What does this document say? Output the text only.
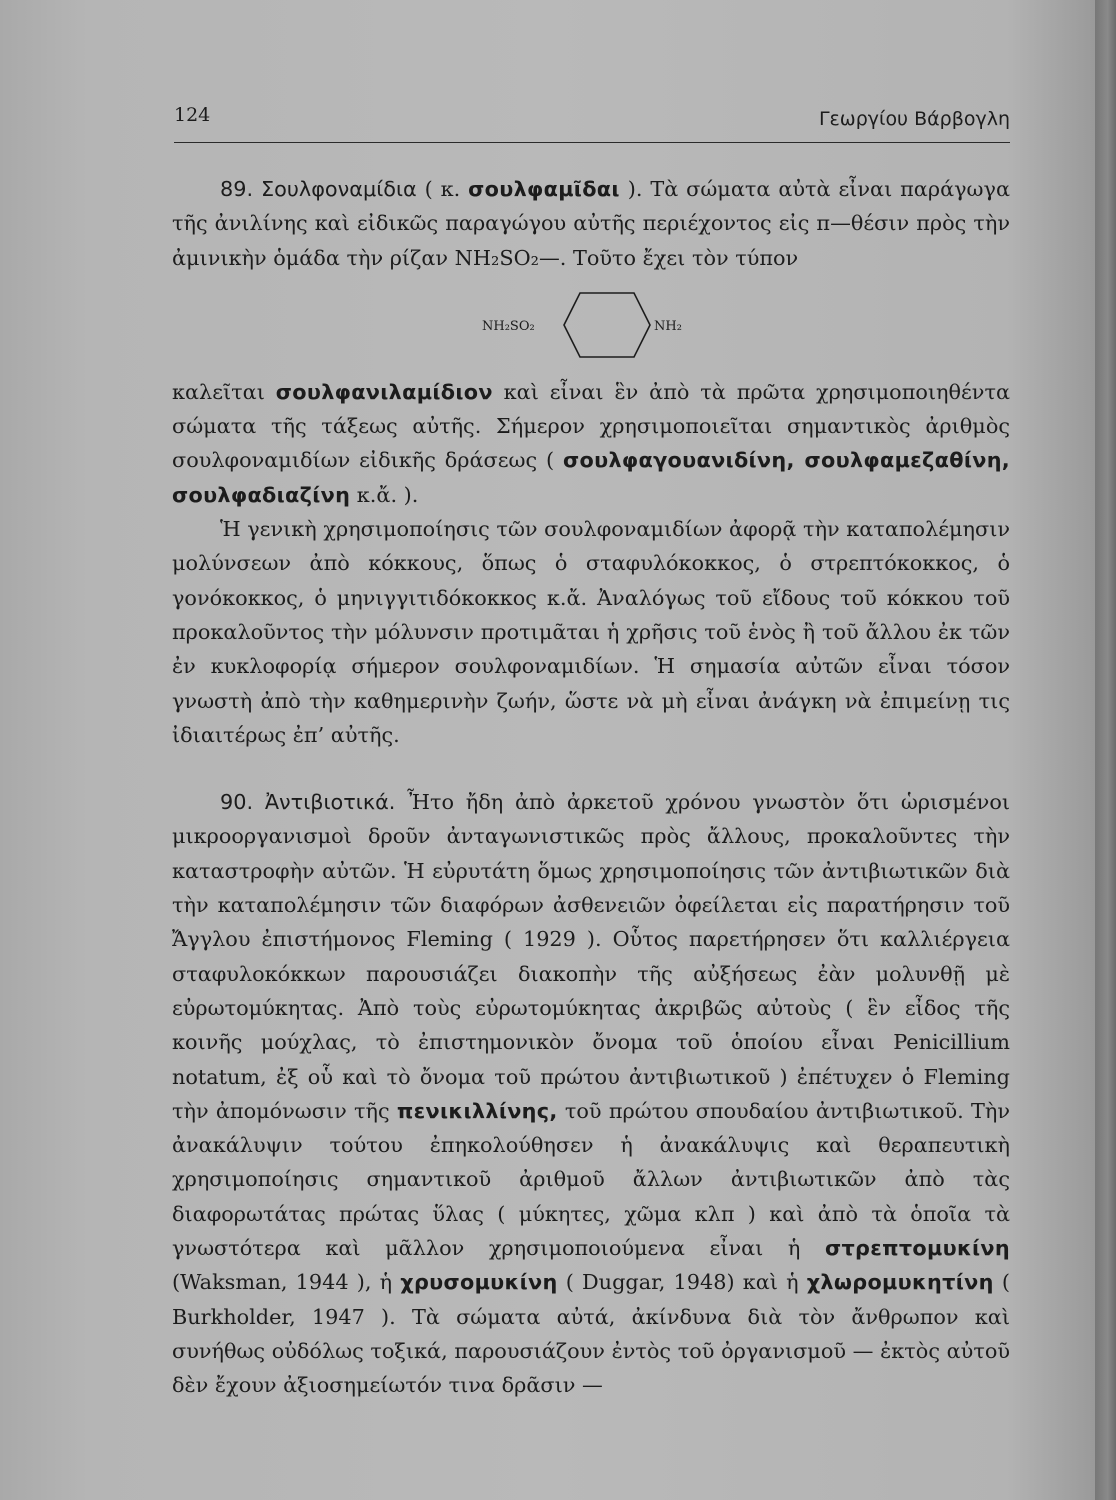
124	Γεωργίου Βάρβογλη

89. Σουλφοναμίδια ( κ. σουλφαμῖδαι ). Τὰ σώματα αὐτὰ εἶναι παράγωγα τῆς ἀνιλίνης καὶ εἰδικῶς παραγώγου αὐτῆς περιέχοντος εἰς π—θέσιν πρὸς τὴν ἀμινικὴν ὁμάδα τὴν ρίζαν NH₂SO₂—. Τοῦτο ἔχει τὸν τύπον

NH₂SO₂	NH₂

καλεῖται σουλφανιλαμίδιον καὶ εἶναι ἓν ἀπὸ τὰ πρῶτα χρησιμοποιηθέντα σώματα τῆς τάξεως αὐτῆς. Σήμερον χρησιμοποιεῖται σημαντικὸς ἀριθμὸς σουλφοναμιδίων εἰδικῆς δράσεως ( σουλφαγουανιδίνη, σουλφαμεζαθίνη, σουλφαδιαζίνη κ.ἄ. ).

Ἡ γενικὴ χρησιμοποίησις τῶν σουλφοναμιδίων ἀφορᾷ τὴν καταπολέμησιν μολύνσεων ἀπὸ κόκκους, ὅπως ὁ σταφυλόκοκκος, ὁ στρεπτόκοκκος, ὁ γονόκοκκος, ὁ μηνιγγιτιδόκοκκος κ.ἄ. Ἀναλόγως τοῦ εἴδους τοῦ κόκκου τοῦ προκαλοῦντος τὴν μόλυνσιν προτιμᾶται ἡ χρῆσις τοῦ ἑνὸς ἢ τοῦ ἄλλου ἐκ τῶν ἐν κυκλοφορίᾳ σήμερον σουλφοναμιδίων. Ἡ σημασία αὐτῶν εἶναι τόσον γνωστὴ ἀπὸ τὴν καθημερινὴν ζωήν, ὥστε νὰ μὴ εἶναι ἀνάγκη νὰ ἐπιμείνῃ τις ἰδιαιτέρως ἐπ’ αὐτῆς.

90. Ἀντιβιοτικά. Ἦτο ἤδη ἀπὸ ἀρκετοῦ χρόνου γνωστὸν ὅτι ὡρισμένοι μικροοργανισμοὶ δροῦν ἀνταγωνιστικῶς πρὸς ἄλλους, προκαλοῦντες τὴν καταστροφὴν αὐτῶν. Ἡ εὐρυτάτη ὅμως χρησιμοποίησις τῶν ἀντιβιωτικῶν διὰ τὴν καταπολέμησιν τῶν διαφόρων ἀσθενειῶν ὀφείλεται εἰς παρατήρησιν τοῦ Ἄγγλου ἐπιστήμονος Fleming ( 1929 ). Οὗτος παρετήρησεν ὅτι καλλιέργεια σταφυλοκόκκων παρουσιάζει διακοπὴν τῆς αὐξήσεως ἐὰν μολυνθῇ μὲ εὐρωτομύκητας. Ἀπὸ τοὺς εὐρωτομύκητας ἀκριβῶς αὐτοὺς ( ἓν εἶδος τῆς κοινῆς μούχλας, τὸ ἐπιστημονικὸν ὄνομα τοῦ ὁποίου εἶναι Penicillium notatum, ἐξ οὗ καὶ τὸ ὄνομα τοῦ πρώτου ἀντιβιωτικοῦ ) ἐπέτυχεν ὁ Fleming τὴν ἀπομόνωσιν τῆς πενικιλλίνης, τοῦ πρώτου σπουδαίου ἀντιβιωτικοῦ. Τὴν ἀνακάλυψιν τούτου ἐπηκολούθησεν ἡ ἀνακάλυψις καὶ θεραπευτικὴ χρησιμοποίησις σημαντικοῦ ἀριθμοῦ ἄλλων ἀντιβιωτικῶν ἀπὸ τὰς διαφορωτάτας πρώτας ὕλας ( μύκητες, χῶμα κλπ ) καὶ ἀπὸ τὰ ὁποῖα τὰ γνωστότερα καὶ μᾶλλον χρησιμοποιούμενα εἶναι ἡ στρεπτομυκίνη (Waksman, 1944 ), ἡ χρυσομυκίνη ( Duggar, 1948) καὶ ἡ χλωρομυκητίνη ( Burkholder, 1947 ). Τὰ σώματα αὐτά, ἀκίνδυνα διὰ τὸν ἄνθρωπον καὶ συνήθως οὐδόλως τοξικά, παρουσιάζουν ἐντὸς τοῦ ὀργανισμοῦ — ἐκτὸς αὐτοῦ δὲν ἔχουν ἀξιοσημείωτόν τινα δρᾶσιν —
